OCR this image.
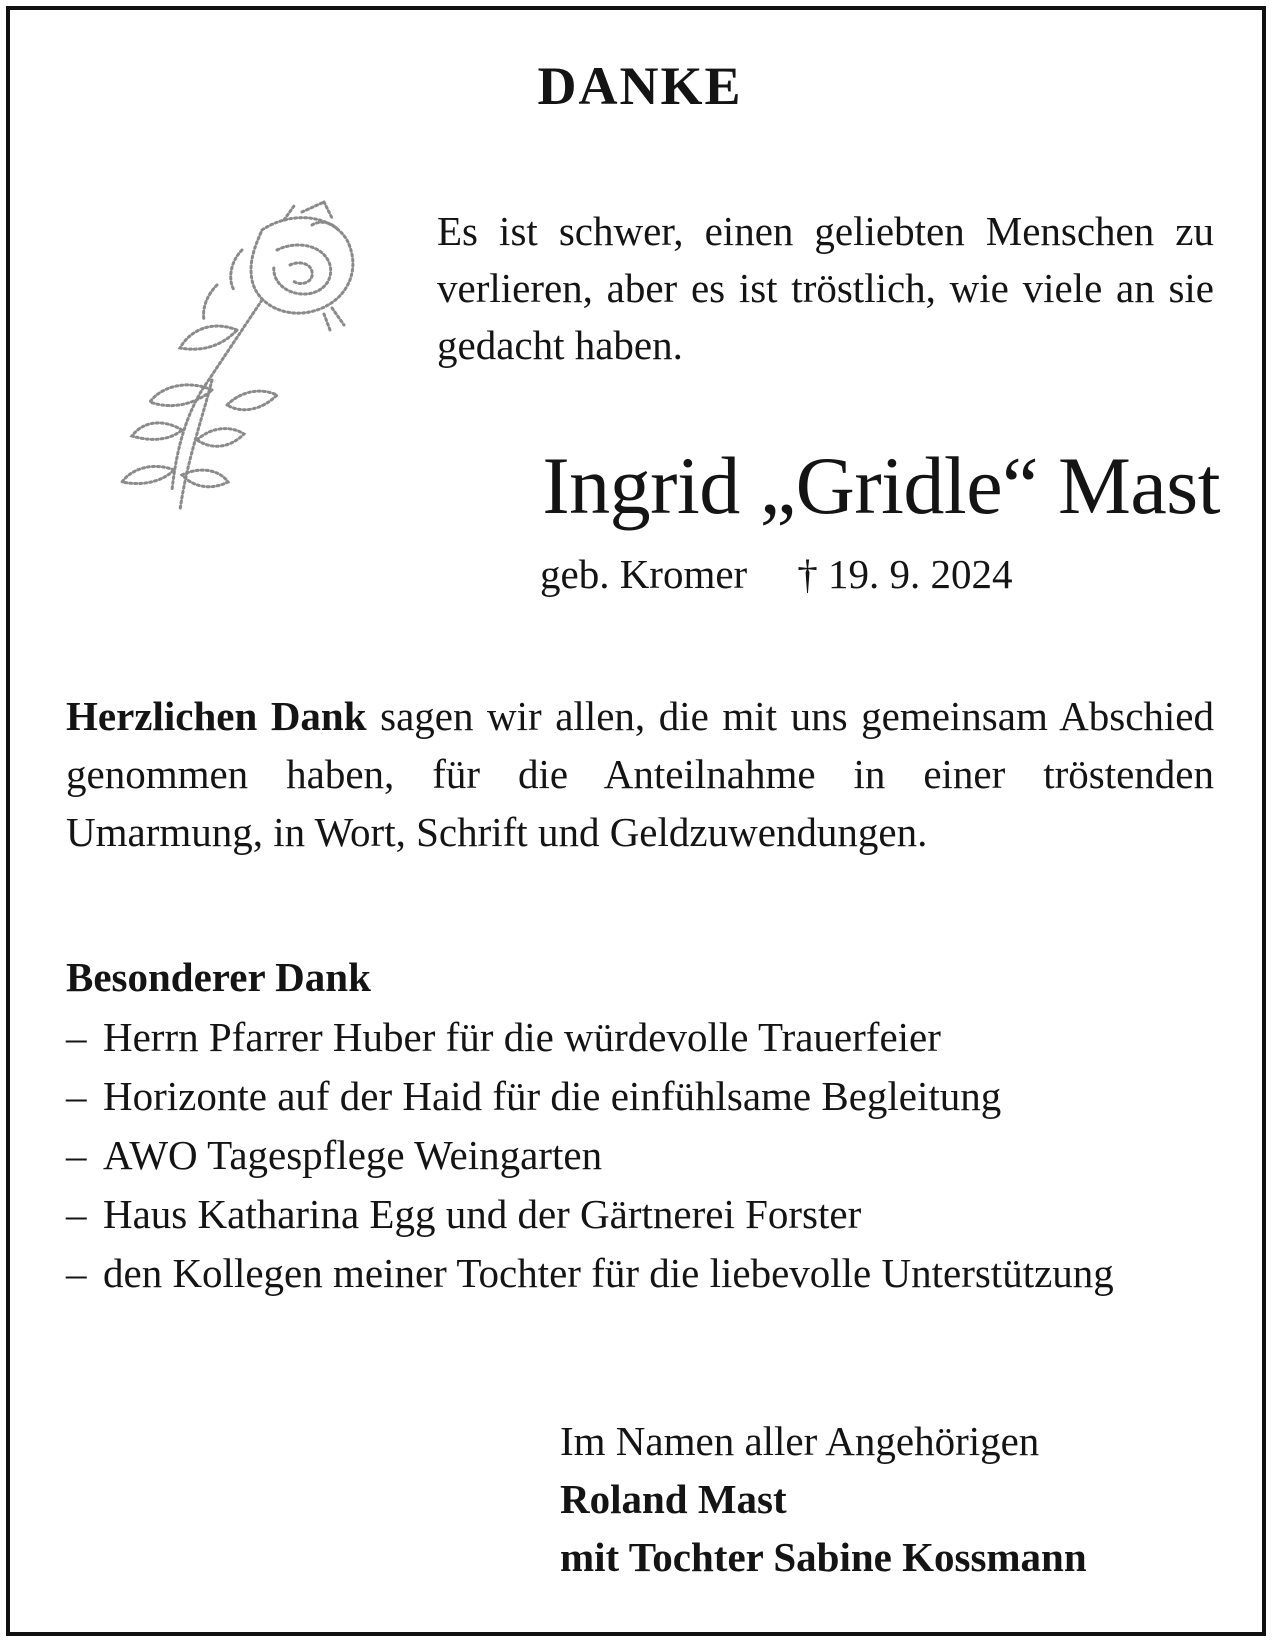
DANKE

Es ist schwer, einen geliebten Menschen zu verlieren, aber es ist tröstlich, wie viele an sie gedacht haben.

Ingrid „Gridle“ Mast
geb. Kromer † 19. 9. 2024

Herzlichen Dank sagen wir allen, die mit uns gemeinsam Abschied genommen haben, für die Anteilnahme in einer tröstenden Umarmung, in Wort, Schrift und Geldzuwendungen.

Besonderer Dank
– Herrn Pfarrer Huber für die würdevolle Trauerfeier
– Horizonte auf der Haid für die einfühlsame Begleitung
– AWO Tagespflege Weingarten
– Haus Katharina Egg und der Gärtnerei Forster
– den Kollegen meiner Tochter für die liebevolle Unterstützung
Im Namen aller Angehörigen
Roland Mast
mit Tochter Sabine Kossmann
